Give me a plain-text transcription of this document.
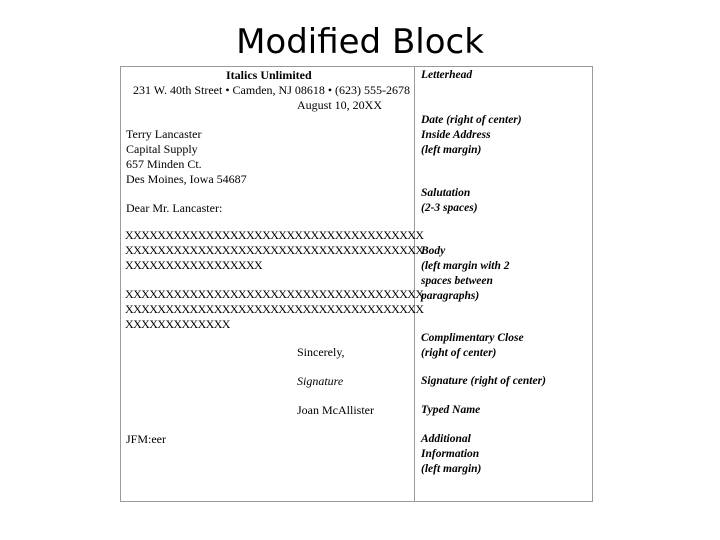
Modified Block
Italics Unlimited
231 W. 40th Street • Camden, NJ 08618 • (623) 555-2678
August 10, 20XX
Terry Lancaster
Capital Supply
657 Minden Ct.
Des Moines, Iowa 54687
Dear Mr. Lancaster:
XXXXXXXXXXXXXXXXXXXXXXXXXXXXXXXXXXXXX
XXXXXXXXXXXXXXXXXXXXXXXXXXXXXXXXXXXXX
XXXXXXXXXXXXXXXXX
XXXXXXXXXXXXXXXXXXXXXXXXXXXXXXXXXXXXX
XXXXXXXXXXXXXXXXXXXXXXXXXXXXXXXXXXXXX
XXXXXXXXXXXXX
Sincerely,
Signature
Joan McAllister
JFM:eer
Letterhead
Date (right of center)
Inside Address
(left margin)
Salutation
(2-3 spaces)
Body
(left margin with 2
spaces between
paragraphs)
Complimentary Close
(right of center)
Signature (right of center)
Typed Name
Additional
Information
(left margin)
